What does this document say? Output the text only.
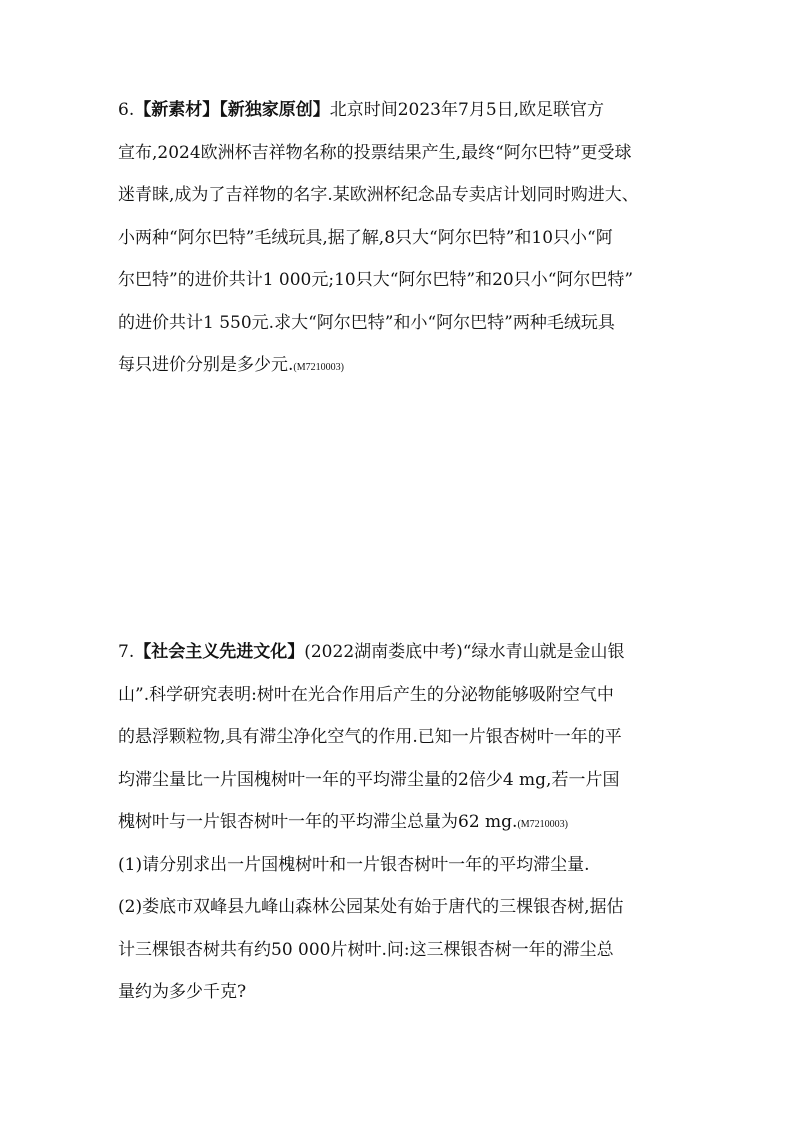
6.【新素材】【新独家原创】北京时间2023年7月5日,欧足联官方
宣布,2024欧洲杯吉祥物名称的投票结果产生,最终“阿尔巴特”更受球
迷青睐,成为了吉祥物的名字.某欧洲杯纪念品专卖店计划同时购进大、
小两种“阿尔巴特”毛绒玩具,据了解,8只大“阿尔巴特”和10只小“阿
尔巴特”的进价共计1 000元;10只大“阿尔巴特”和20只小“阿尔巴特”
的进价共计1 550元.求大“阿尔巴特”和小“阿尔巴特”两种毛绒玩具
每只进价分别是多少元.(M7210003)
7.【社会主义先进文化】(2022湖南娄底中考)“绿水青山就是金山银
山”.科学研究表明:树叶在光合作用后产生的分泌物能够吸附空气中
的悬浮颗粒物,具有滞尘净化空气的作用.已知一片银杏树叶一年的平
均滞尘量比一片国槐树叶一年的平均滞尘量的2倍少4 mg,若一片国
槐树叶与一片银杏树叶一年的平均滞尘总量为62 mg.(M7210003)
(1)请分别求出一片国槐树叶和一片银杏树叶一年的平均滞尘量.
(2)娄底市双峰县九峰山森林公园某处有始于唐代的三棵银杏树,据估
计三棵银杏树共有约50 000片树叶.问:这三棵银杏树一年的滞尘总
量约为多少千克?
